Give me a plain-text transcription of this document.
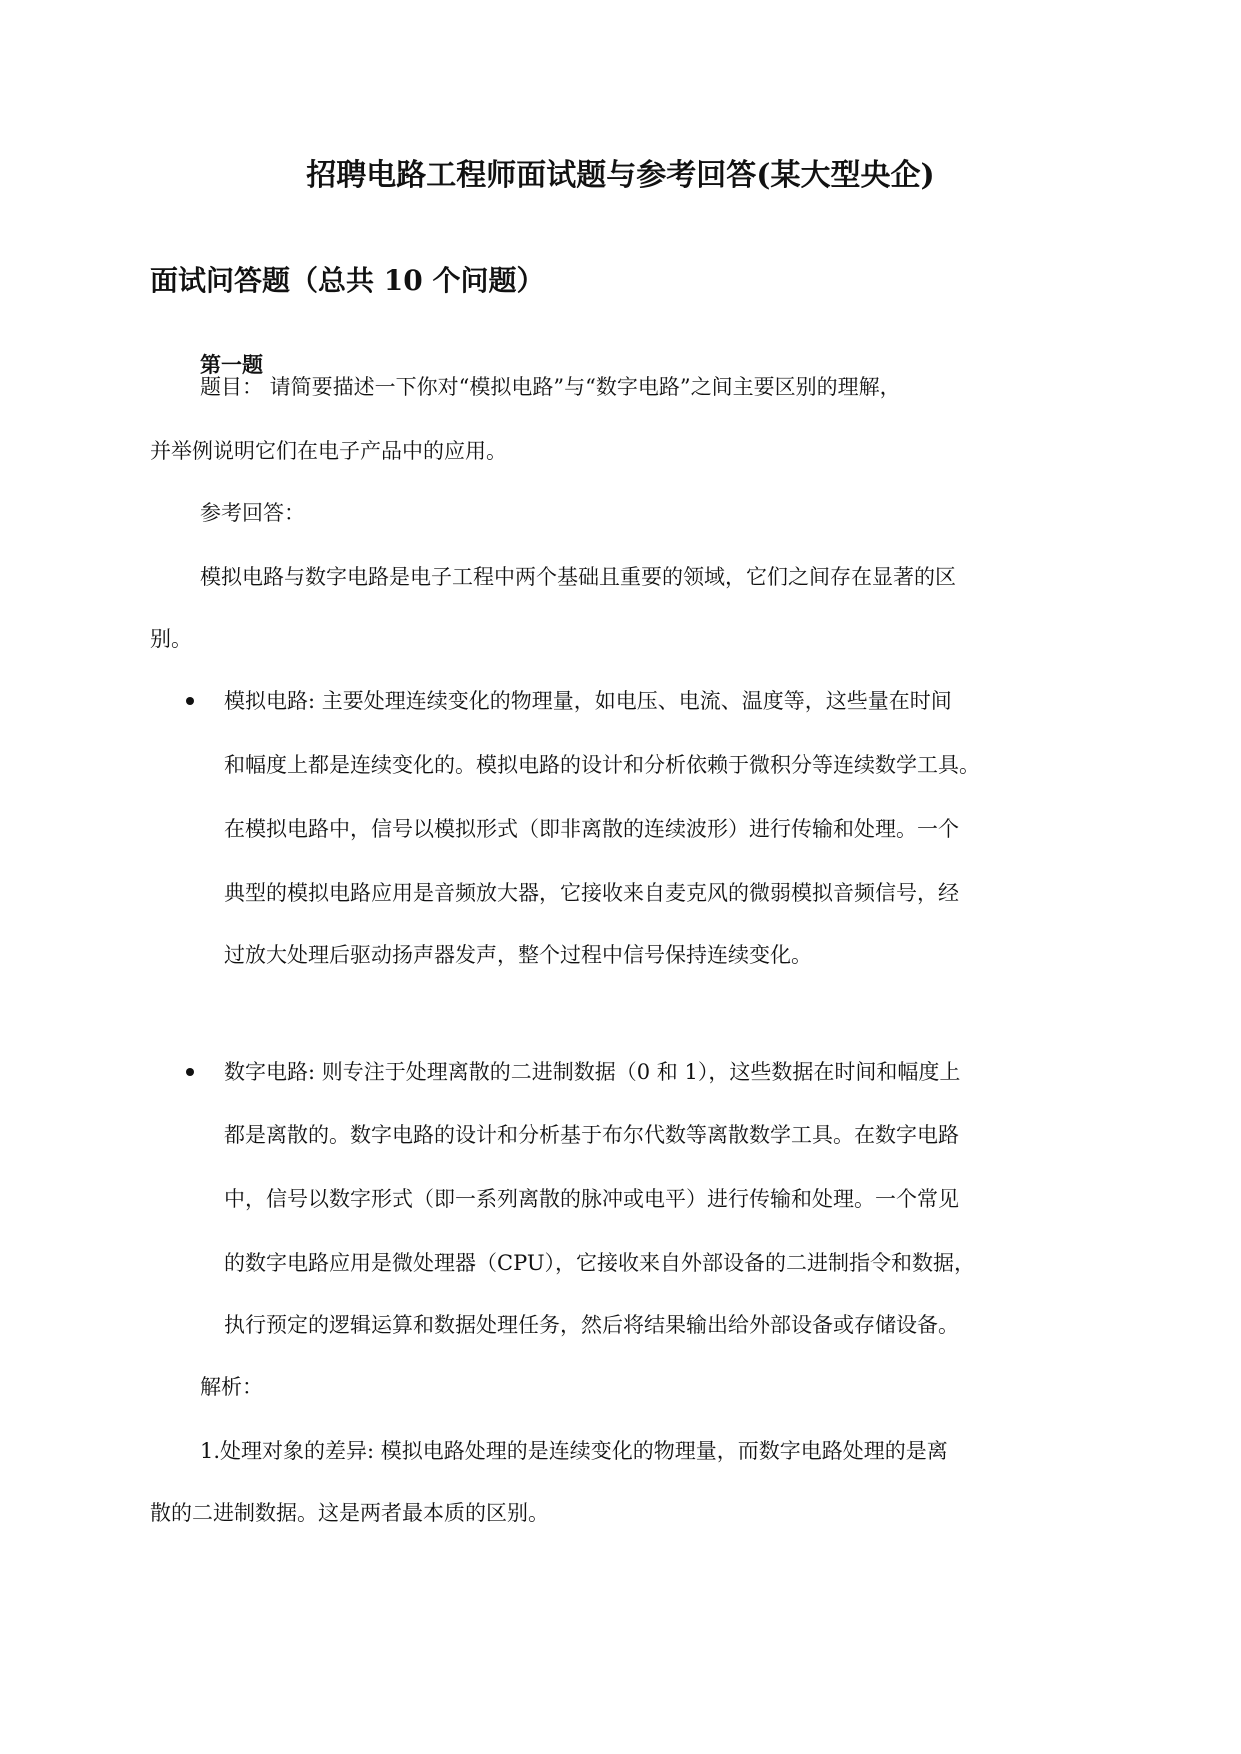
招聘电路工程师面试题与参考回答(某大型央企)
面试问答题（总共 10 个问题）
第一题
题目： 请简要描述一下你对“模拟电路”与“数字电路”之间主要区别的理解，
并举例说明它们在电子产品中的应用。
参考回答：
模拟电路与数字电路是电子工程中两个基础且重要的领域，它们之间存在显著的区
别。
模拟电路: 主要处理连续变化的物理量，如电压、电流、温度等，这些量在时间
和幅度上都是连续变化的。模拟电路的设计和分析依赖于微积分等连续数学工具。
在模拟电路中，信号以模拟形式（即非离散的连续波形）进行传输和处理。一个
典型的模拟电路应用是音频放大器，它接收来自麦克风的微弱模拟音频信号，经
过放大处理后驱动扬声器发声，整个过程中信号保持连续变化。
数字电路: 则专注于处理离散的二进制数据（0 和 1），这些数据在时间和幅度上
都是离散的。数字电路的设计和分析基于布尔代数等离散数学工具。在数字电路
中，信号以数字形式（即一系列离散的脉冲或电平）进行传输和处理。一个常见
的数字电路应用是微处理器（CPU），它接收来自外部设备的二进制指令和数据，
执行预定的逻辑运算和数据处理任务，然后将结果输出给外部设备或存储设备。
解析：
1.处理对象的差异: 模拟电路处理的是连续变化的物理量，而数字电路处理的是离
散的二进制数据。这是两者最本质的区别。
